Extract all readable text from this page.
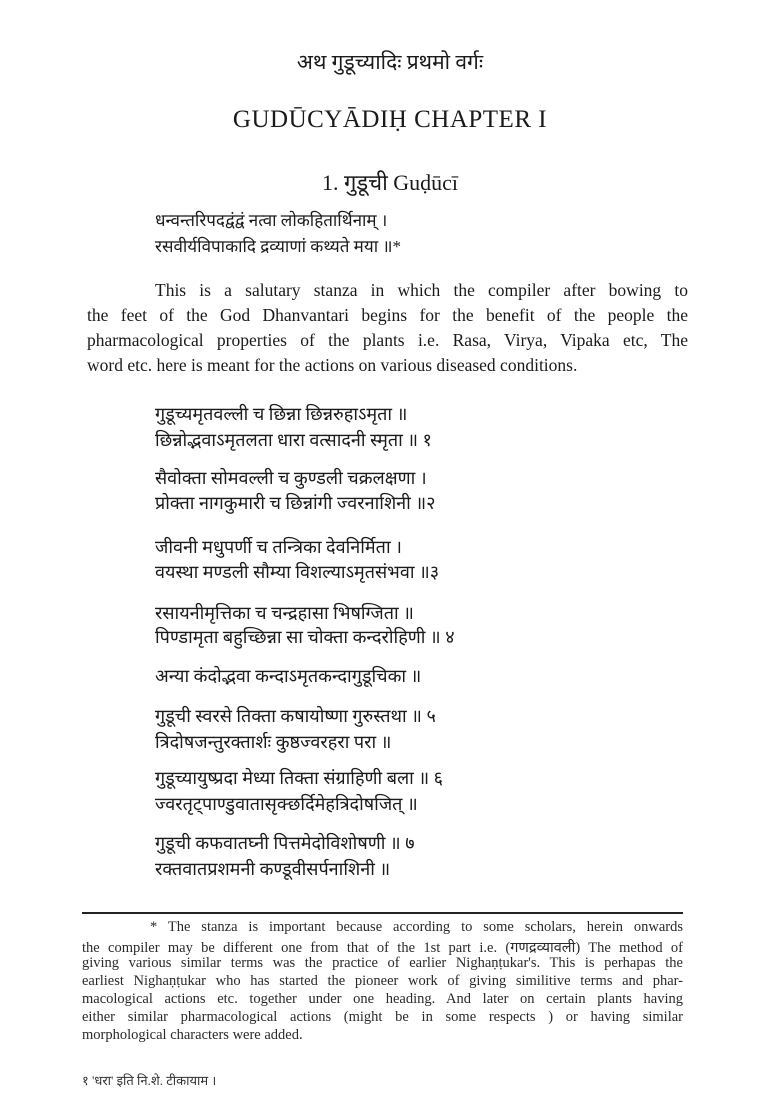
अथ गुडूच्यादिः प्रथमो वर्गः
GUDŪCYĀDIḤ CHAPTER I
1. गुडूची Guḍūcī
धन्वन्तरिपदद्वंद्वं नत्वा लोकहितार्थिनाम् ।
रसवीर्यविपाकादि द्रव्याणां कथ्यते मया ॥*
This is a salutary stanza in which the compiler after bowing to
the feet of the God Dhanvantari begins for the benefit of the people the
pharmacological properties of the plants i.e. Rasa, Virya, Vipaka etc, The
word etc. here is meant for the actions on various diseased conditions.
गुडूच्यमृतवल्ली च छिन्ना छिन्नरुहाऽमृता ॥
छिन्नोद्भवाऽमृतलता धारा वत्सादनी स्मृता ॥ १
सैवोक्ता सोमवल्ली च कुण्डली चक्रलक्षणा ।
प्रोक्ता नागकुमारी च छिन्नांगी ज्वरनाशिनी ॥२
जीवनी मधुपर्णी च तन्त्रिका देवनिर्मिता ।
वयस्था मण्डली सौम्या विशल्याऽमृतसंभवा ॥३
रसायनीमृत्तिका च चन्द्रहासा भिषग्जिता ॥
पिण्डामृता बहुच्छिन्ना सा चोक्ता कन्दरोहिणी ॥ ४
अन्या कंदोद्भवा कन्दाऽमृतकन्दागुडूचिका ॥
गुडूची स्वरसे तिक्ता कषायोष्णा गुरुस्तथा ॥ ५
त्रिदोषजन्तुरक्तार्शः कुष्ठज्वरहरा परा ॥
गुडूच्यायुष्प्रदा मेध्या तिक्ता संग्राहिणी बला ॥ ६
ज्वरतृट्पाण्डुवातासृक्छर्दिमेहत्रिदोषजित् ॥
गुडूची कफवातघ्नी पित्तमेदोविशोषणी ॥ ७
रक्तवातप्रशमनी कण्डूवीसर्पनाशिनी ॥
* The stanza is important because according to some scholars, herein onwards
the compiler may be different one from that of the 1st part i.e. (गणद्रव्यावली) The method of
giving various similar terms was the practice of earlier Nighaṇṭukar's. This is perhapas the
earliest Nighaṇṭukar who has started the pioneer work of giving similitive terms and phar-
macological actions etc. together under one heading. And later on certain plants having
either similar pharmacological actions (might be in some respects ) or having similar
morphological characters were added.
१ 'धरा' इति नि.शे. टीकायाम ।
